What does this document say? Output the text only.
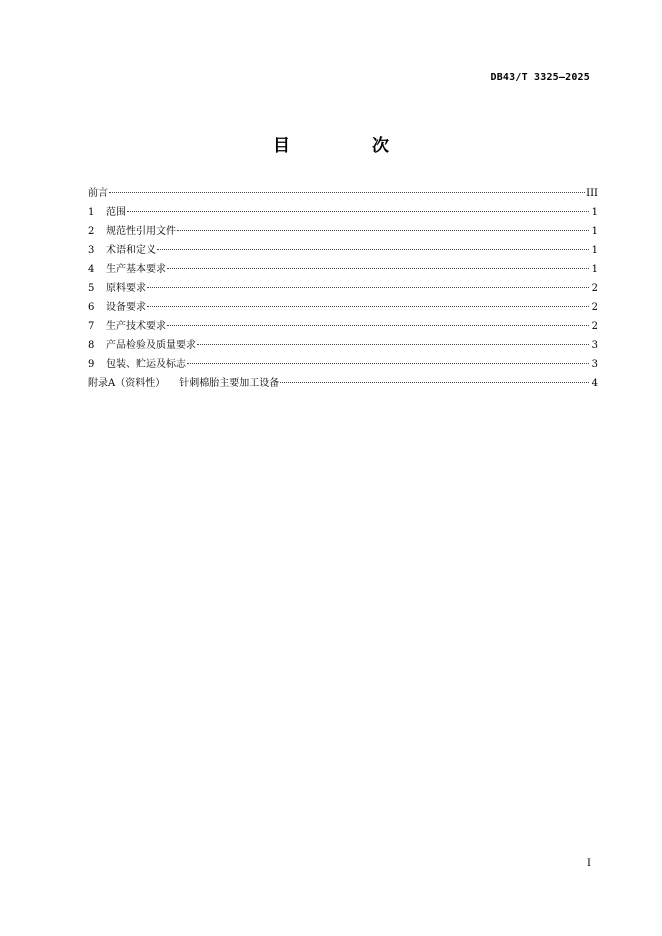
DB43/T 3325—2025
目 次
前言	III
1	范围	1
2	规范性引用文件	1
3	术语和定义	1
4	生产基本要求	1
5	原料要求	2
6	设备要求	2
7	生产技术要求	2
8	产品检验及质量要求	3
9	包装、贮运及标志	3
附录A（资料性） 针刺棉胎主要加工设备	4
I
